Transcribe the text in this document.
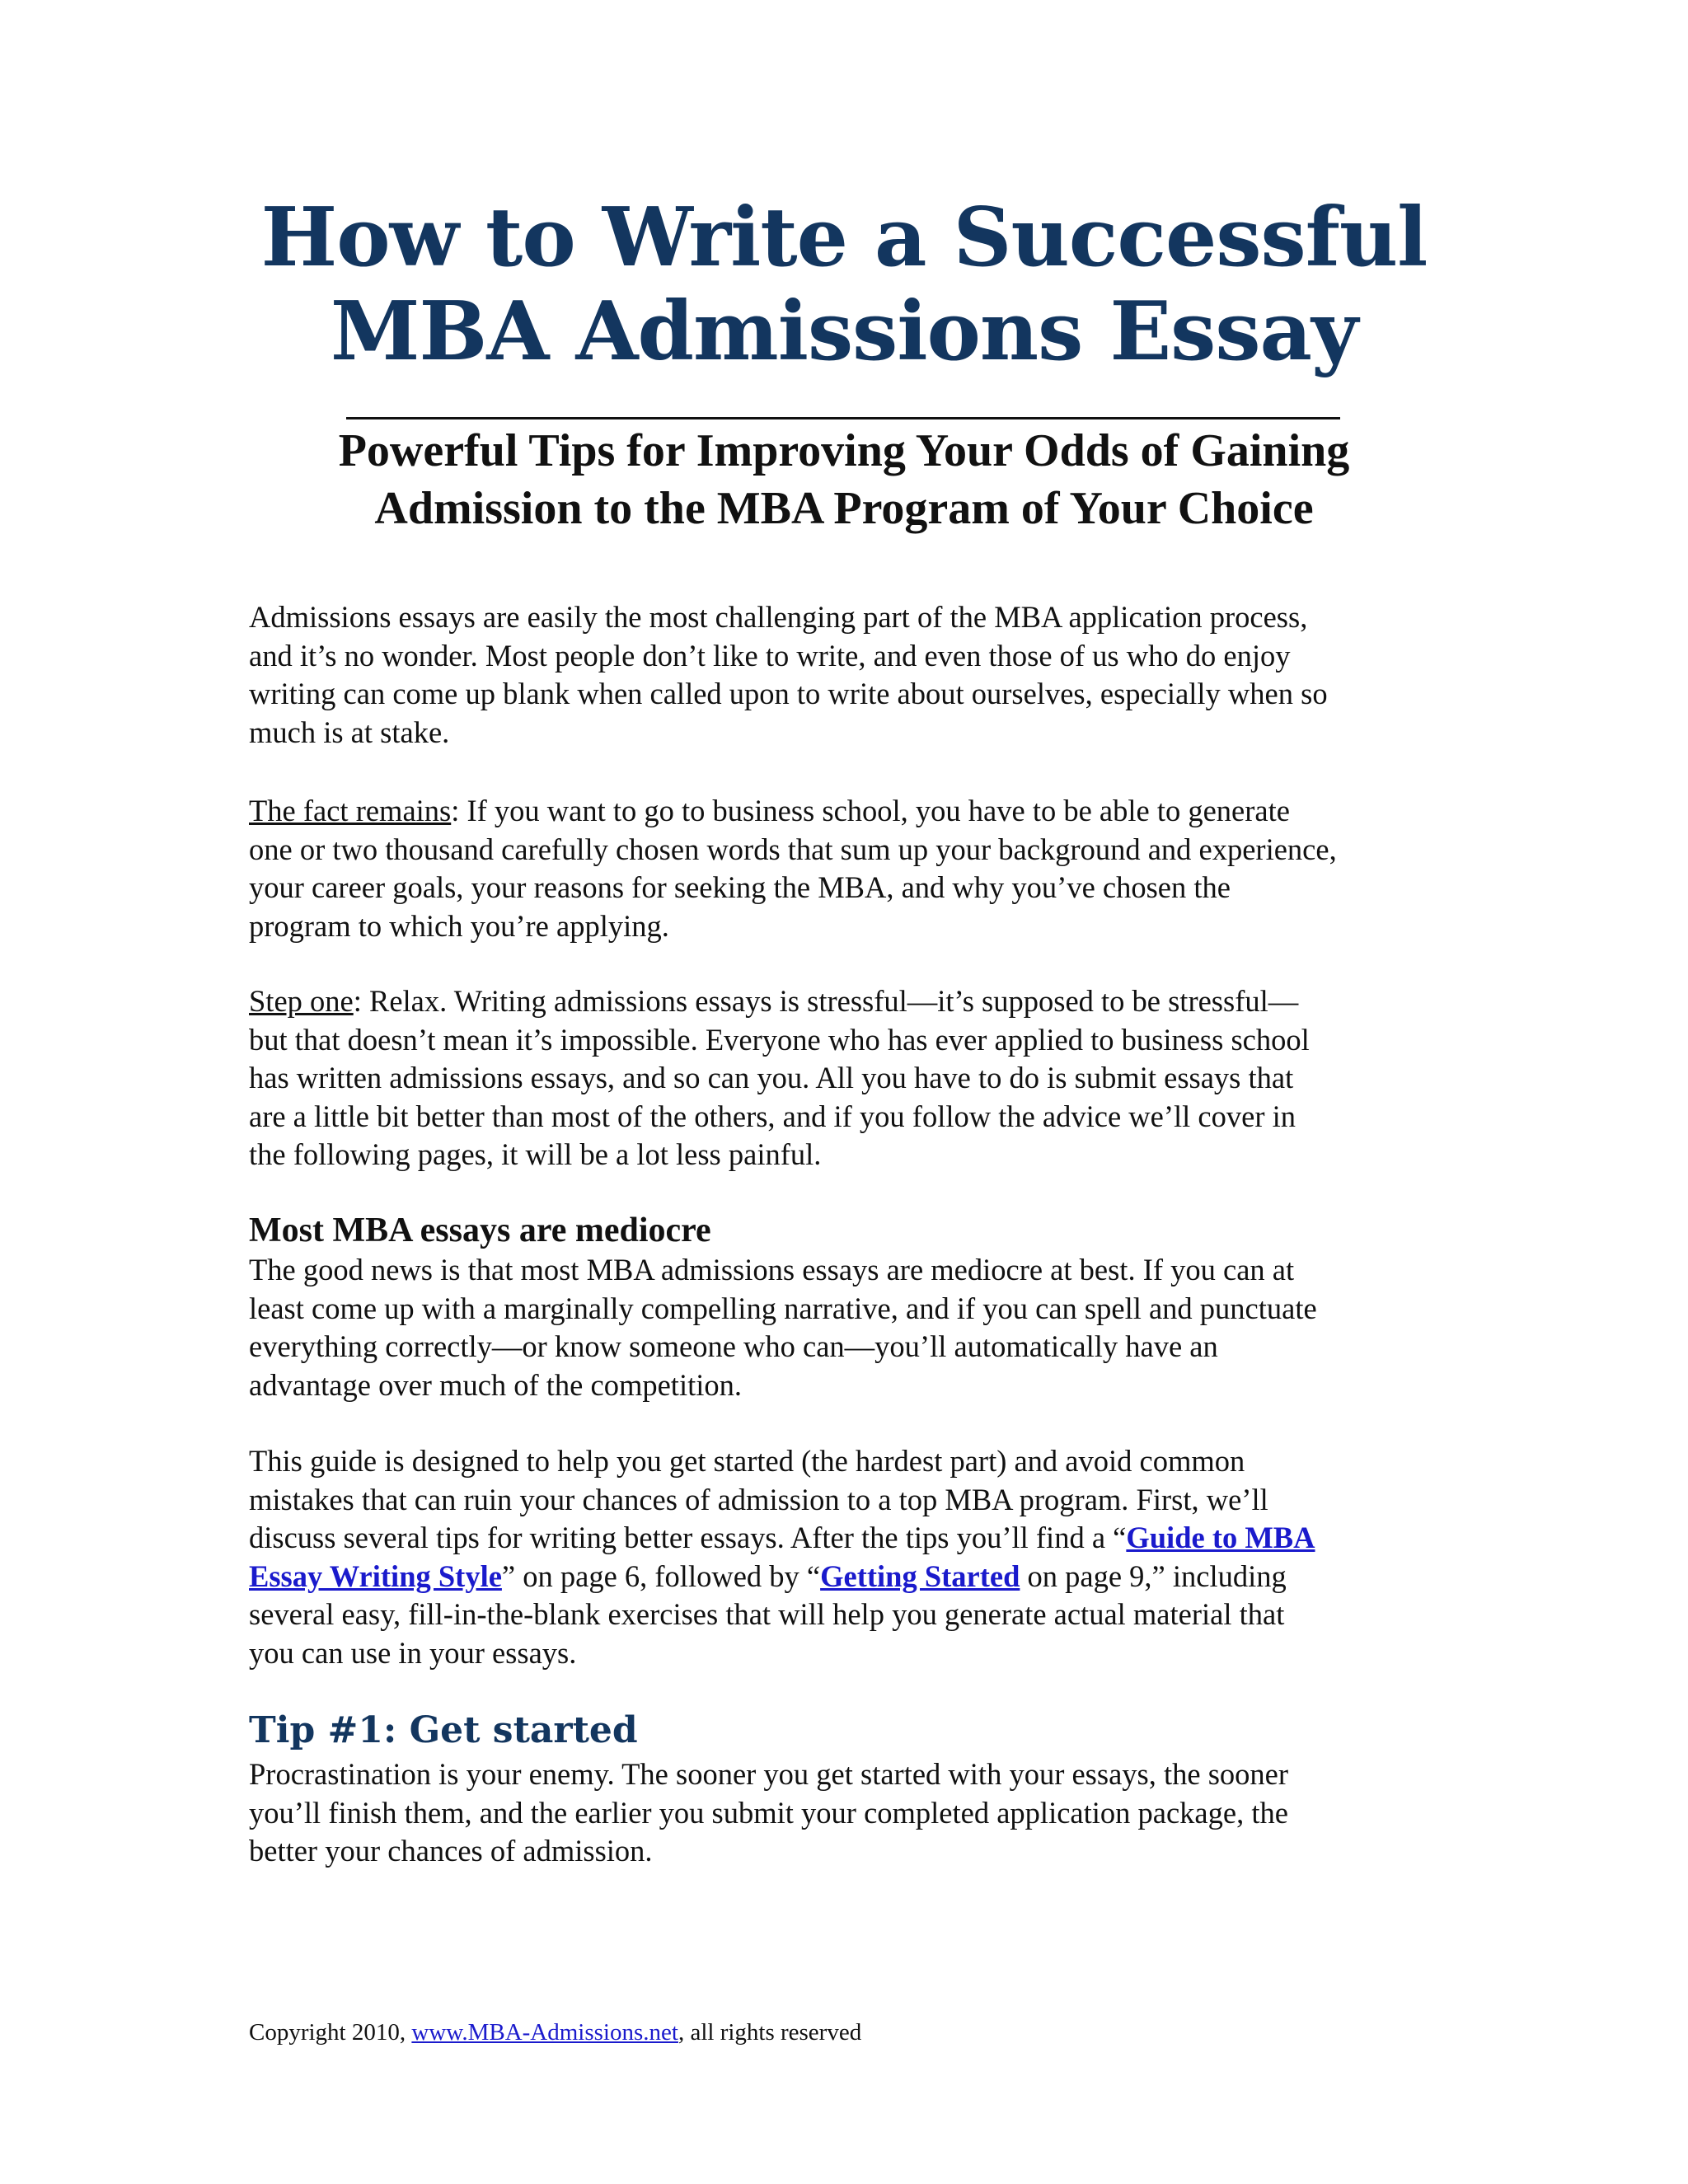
How to Write a Successful
MBA Admissions Essay
Powerful Tips for Improving Your Odds of Gaining
Admission to the MBA Program of Your Choice

Admissions essays are easily the most challenging part of the MBA application process,
and it’s no wonder. Most people don’t like to write, and even those of us who do enjoy
writing can come up blank when called upon to write about ourselves, especially when so
much is at stake.

The fact remains: If you want to go to business school, you have to be able to generate
one or two thousand carefully chosen words that sum up your background and experience,
your career goals, your reasons for seeking the MBA, and why you’ve chosen the
program to which you’re applying.

Step one: Relax. Writing admissions essays is stressful—it’s supposed to be stressful—
but that doesn’t mean it’s impossible. Everyone who has ever applied to business school
has written admissions essays, and so can you. All you have to do is submit essays that
are a little bit better than most of the others, and if you follow the advice we’ll cover in
the following pages, it will be a lot less painful.

Most MBA essays are mediocre

The good news is that most MBA admissions essays are mediocre at best. If you can at
least come up with a marginally compelling narrative, and if you can spell and punctuate
everything correctly—or know someone who can—you’ll automatically have an
advantage over much of the competition.

This guide is designed to help you get started (the hardest part) and avoid common
mistakes that can ruin your chances of admission to a top MBA program. First, we’ll
discuss several tips for writing better essays. After the tips you’ll find a “Guide to MBA
Essay Writing Style” on page 6, followed by “Getting Started on page 9,” including
several easy, fill-in-the-blank exercises that will help you generate actual material that
you can use in your essays.

Tip #1: Get started

Procrastination is your enemy. The sooner you get started with your essays, the sooner
you’ll finish them, and the earlier you submit your completed application package, the
better your chances of admission.

Copyright 2010, www.MBA-Admissions.net, all rights reserved
